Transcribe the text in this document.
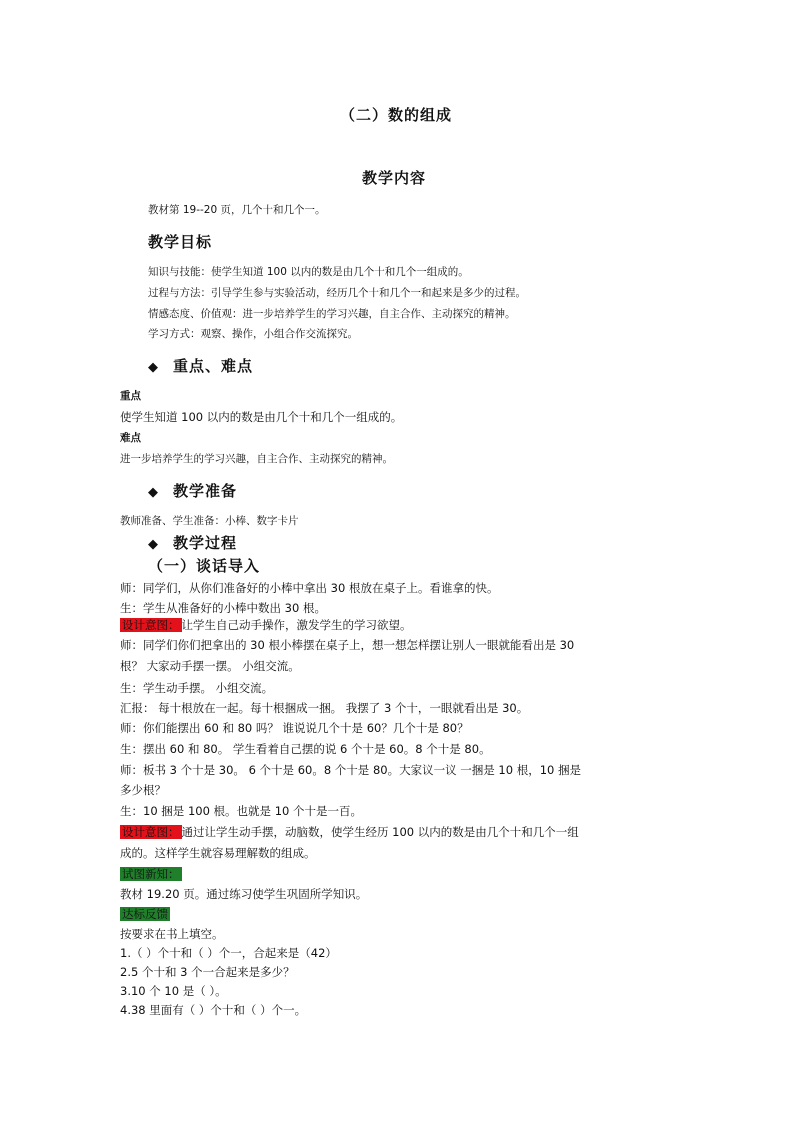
（二）数的组成
教学内容
教材第 19--20 页，几个十和几个一。
教学目标
知识与技能：使学生知道 100 以内的数是由几个十和几个一组成的。
过程与方法：引导学生参与实验活动，经历几个十和几个一和起来是多少的过程。
情感态度、价值观：进一步培养学生的学习兴趣，自主合作、主动探究的精神。
学习方式：观察、操作，小组合作交流探究。
◆ 重点、难点
重点
使学生知道 100 以内的数是由几个十和几个一组成的。
难点
进一步培养学生的学习兴趣，自主合作、主动探究的精神。
◆ 教学准备
教师准备、学生准备：小棒、数字卡片
◆ 教学过程
（一）谈话导入
师：同学们，从你们准备好的小棒中拿出 30 根放在桌子上。看谁拿的快。
生：学生从准备好的小棒中数出 30 根。
设计意图： 让学生自己动手操作，激发学生的学习欲望。
师：同学们你们把拿出的 30 根小棒摆在桌子上，想一想怎样摆让别人一眼就能看出是 30
根？ 大家动手摆一摆。 小组交流。
生：学生动手摆。 小组交流。
汇报： 每十根放在一起。每十根捆成一捆。 我摆了 3 个十，一眼就看出是 30。
师：你们能摆出 60 和 80 吗？ 谁说说几个十是 60？几个十是 80？
生：摆出 60 和 80。 学生看着自己摆的说 6 个十是 60。8 个十是 80。
师：板书 3 个十是 30。 6 个十是 60。8 个十是 80。大家议一议 一捆是 10 根，10 捆是
多少根？
生：10 捆是 100 根。也就是 10 个十是一百。
设计意图： 通过让学生动手摆，动脑数，使学生经历 100 以内的数是由几个十和几个一组
成的。这样学生就容易理解数的组成。
试图新知：
教材 19.20 页。通过练习使学生巩固所学知识。
达标反馈
按要求在书上填空。
1.（ ）个十和（ ）个一，合起来是（42）
2.5 个十和 3 个一合起来是多少？
3.10 个 10 是（ ）。
4.38 里面有（ ）个十和（ ）个一。
